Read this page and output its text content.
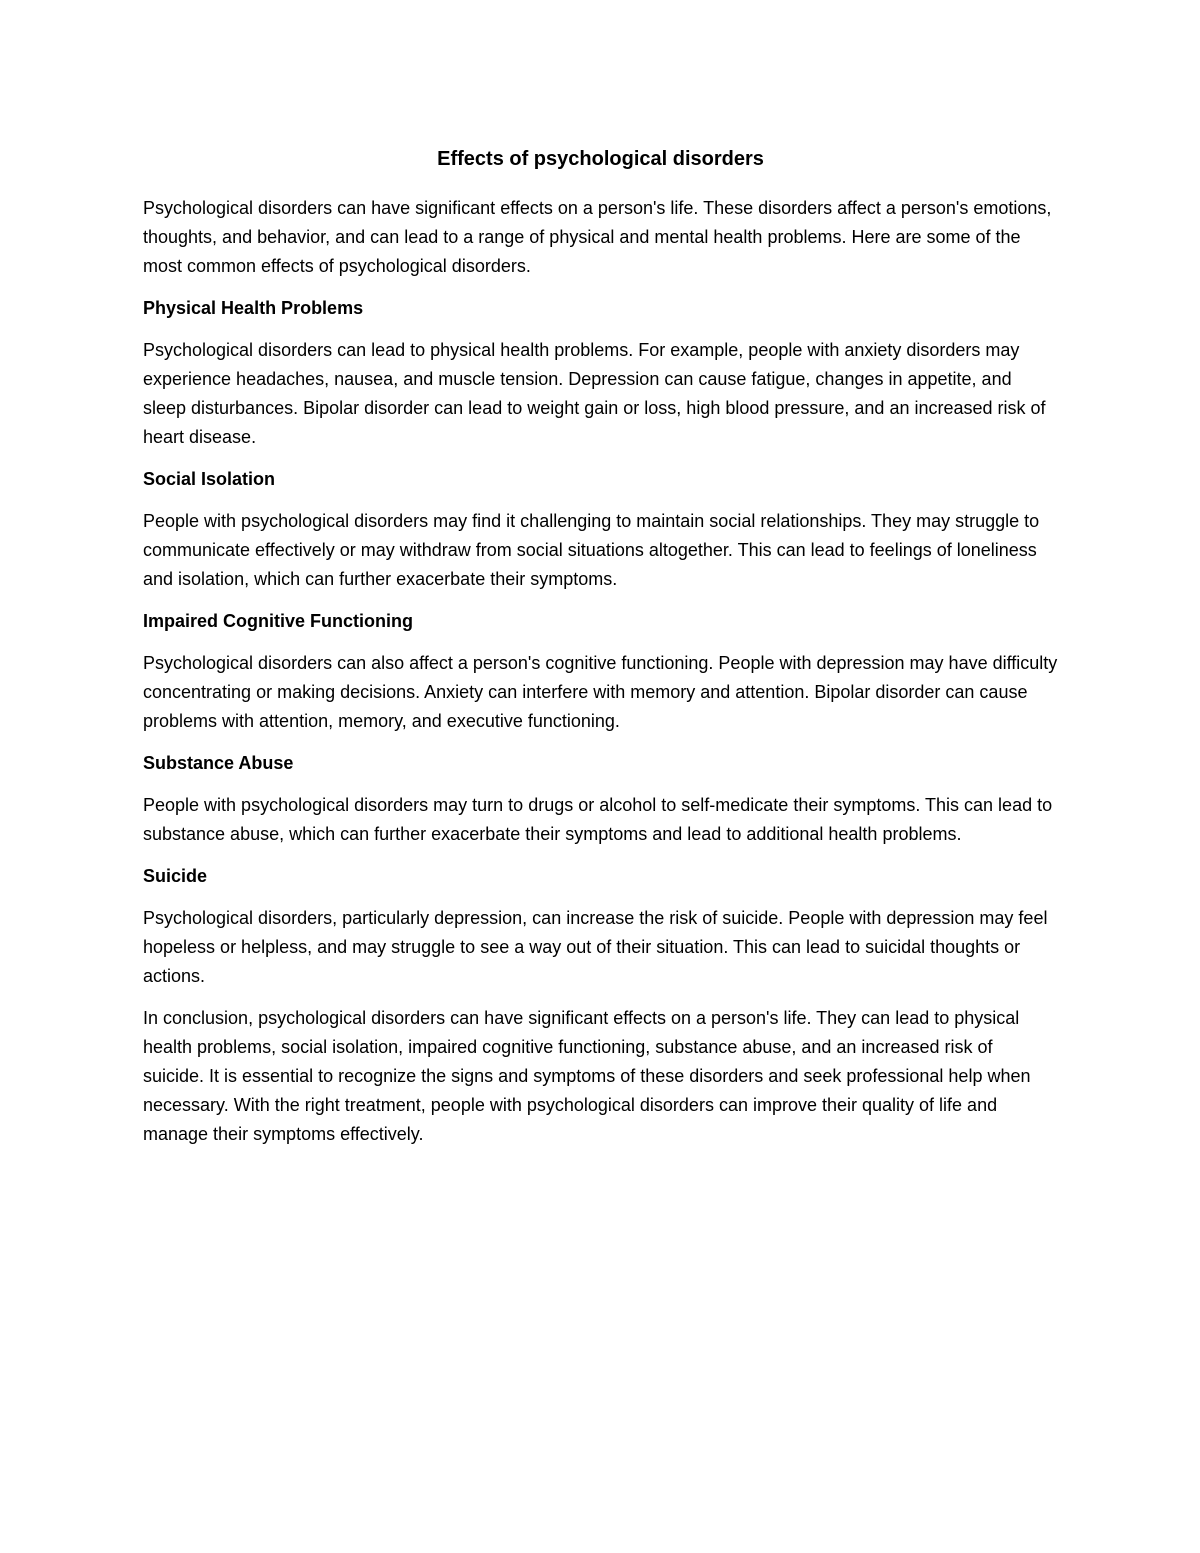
Effects of psychological disorders

Psychological disorders can have significant effects on a person's life. These disorders affect a person's emotions, thoughts, and behavior, and can lead to a range of physical and mental health problems. Here are some of the most common effects of psychological disorders.

Physical Health Problems

Psychological disorders can lead to physical health problems. For example, people with anxiety disorders may experience headaches, nausea, and muscle tension. Depression can cause fatigue, changes in appetite, and sleep disturbances. Bipolar disorder can lead to weight gain or loss, high blood pressure, and an increased risk of heart disease.

Social Isolation

People with psychological disorders may find it challenging to maintain social relationships. They may struggle to communicate effectively or may withdraw from social situations altogether. This can lead to feelings of loneliness and isolation, which can further exacerbate their symptoms.

Impaired Cognitive Functioning

Psychological disorders can also affect a person's cognitive functioning. People with depression may have difficulty concentrating or making decisions. Anxiety can interfere with memory and attention. Bipolar disorder can cause problems with attention, memory, and executive functioning.

Substance Abuse

People with psychological disorders may turn to drugs or alcohol to self-medicate their symptoms. This can lead to substance abuse, which can further exacerbate their symptoms and lead to additional health problems.

Suicide

Psychological disorders, particularly depression, can increase the risk of suicide. People with depression may feel hopeless or helpless, and may struggle to see a way out of their situation. This can lead to suicidal thoughts or actions.

In conclusion, psychological disorders can have significant effects on a person's life. They can lead to physical health problems, social isolation, impaired cognitive functioning, substance abuse, and an increased risk of suicide. It is essential to recognize the signs and symptoms of these disorders and seek professional help when necessary. With the right treatment, people with psychological disorders can improve their quality of life and manage their symptoms effectively.
